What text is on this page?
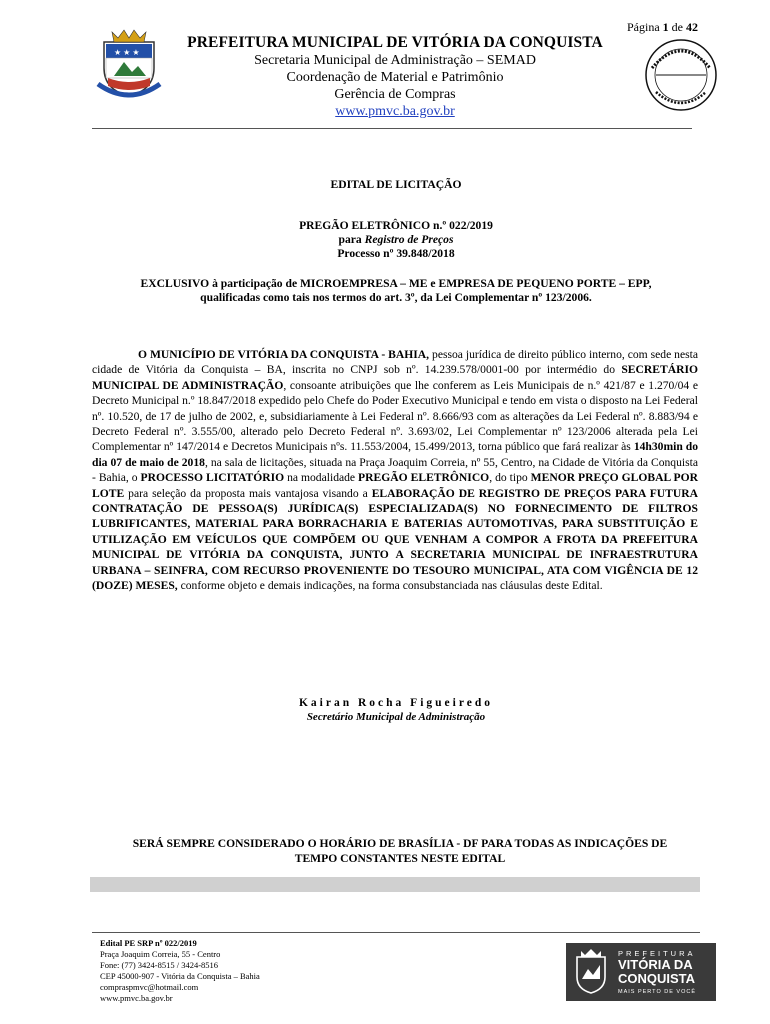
Página 1 de 42
★ ★ ★
PREFEITURA MUNICIPAL DE VITÓRIA DA CONQUISTA
Secretaria Municipal de Administração – SEMAD
Coordenação de Material e Patrimônio
Gerência de Compras
www.pmvc.ba.gov.br
EDITAL DE LICITAÇÃO
PREGÃO ELETRÔNICO n.º 022/2019
para Registro de Preços
Processo nº 39.848/2018
EXCLUSIVO à participação de MICROEMPRESA – ME e EMPRESA DE PEQUENO PORTE – EPP,
qualificadas como tais nos termos do art. 3º, da Lei Complementar nº 123/2006.
O MUNICÍPIO DE VITÓRIA DA CONQUISTA - BAHIA, pessoa jurídica de direito público interno, com sede nesta cidade de Vitória da Conquista – BA, inscrita no CNPJ sob nº. 14.239.578/0001-00 por intermédio do SECRETÁRIO MUNICIPAL DE ADMINISTRAÇÃO, consoante atribuições que lhe conferem as Leis Municipais de n.º 421/87 e 1.270/04 e Decreto Municipal n.º 18.847/2018 expedido pelo Chefe do Poder Executivo Municipal e tendo em vista o disposto na Lei Federal nº. 10.520, de 17 de julho de 2002, e, subsidiariamente à Lei Federal nº. 8.666/93 com as alterações da Lei Federal nº. 8.883/94 e Decreto Federal nº. 3.555/00, alterado pelo Decreto Federal nº. 3.693/02, Lei Complementar nº 123/2006 alterada pela Lei Complementar nº 147/2014 e Decretos Municipais nºs. 11.553/2004, 15.499/2013, torna público que fará realizar às 14h30min do dia 07 de maio de 2018, na sala de licitações, situada na Praça Joaquim Correia, nº 55, Centro, na Cidade de Vitória da Conquista - Bahia, o PROCESSO LICITATÓRIO na modalidade PREGÃO ELETRÔNICO, do tipo MENOR PREÇO GLOBAL POR LOTE para seleção da proposta mais vantajosa visando a ELABORAÇÃO DE REGISTRO DE PREÇOS PARA FUTURA CONTRATAÇÃO DE PESSOA(S) JURÍDICA(S) ESPECIALIZADA(S) NO FORNECIMENTO DE FILTROS LUBRIFICANTES, MATERIAL PARA BORRACHARIA E BATERIAS AUTOMOTIVAS, PARA SUBSTITUIÇÃO E UTILIZAÇÃO EM VEÍCULOS QUE COMPÕEM OU QUE VENHAM A COMPOR A FROTA DA PREFEITURA MUNICIPAL DE VITÓRIA DA CONQUISTA, JUNTO A SECRETARIA MUNICIPAL DE INFRAESTRUTURA URBANA – SEINFRA, COM RECURSO PROVENIENTE DO TESOURO MUNICIPAL, ATA COM VIGÊNCIA DE 12 (DOZE) MESES, conforme objeto e demais indicações, na forma consubstanciada nas cláusulas deste Edital.
Kairan Rocha Figueiredo
Secretário Municipal de Administração
SERÁ SEMPRE CONSIDERADO O HORÁRIO DE BRASÍLIA - DF PARA TODAS AS INDICAÇÕES DE
TEMPO CONSTANTES NESTE EDITAL
Edital PE SRP nº 022/2019
Praça Joaquim Correia, 55 - Centro
Fone: (77) 3424-8515 / 3424-8516
CEP 45000-907 - Vitória da Conquista – Bahia
compraspmvc@hotmail.com
www.pmvc.ba.gov.br
PREFEITURA
VITÓRIA DA
CONQUISTA
MAIS PERTO DE VOCÊ
